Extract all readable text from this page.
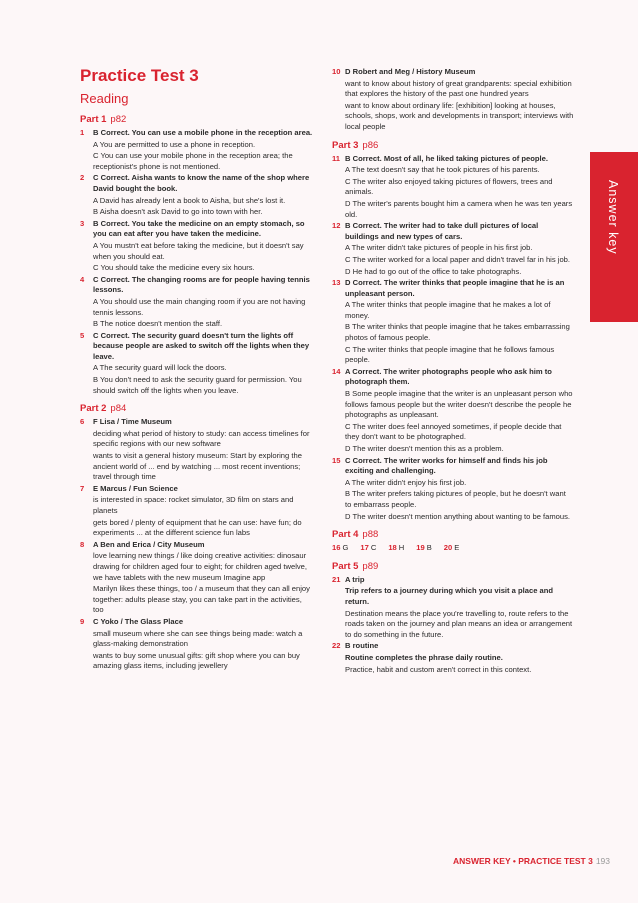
Practice Test 3
Reading
Part 1 p82
1 B Correct. You can use a mobile phone in the reception area.

A You are permitted to use a phone in reception.

C You can use your mobile phone in the reception area; the receptionist's phone is not mentioned.

2 C Correct. Aisha wants to know the name of the shop where David bought the book.

A David has already lent a book to Aisha, but she's lost it.

B Aisha doesn't ask David to go into town with her.

3 B Correct. You take the medicine on an empty stomach, so you can eat after you have taken the medicine.

A You mustn't eat before taking the medicine, but it doesn't say when you should eat.

C You should take the medicine every six hours.

4 C Correct. The changing rooms are for people having tennis lessons.

A You should use the main changing room if you are not having tennis lessons.

B The notice doesn't mention the staff.

5 C Correct. The security guard doesn't turn the lights off because people are asked to switch off the lights when they leave.

A The security guard will lock the doors.

B You don't need to ask the security guard for permission. You should switch off the lights when you leave.

Part 2 p84
6 F Lisa / Time Museum

deciding what period of history to study: can access timelines for specific regions with our new software

wants to visit a general history museum: Start by exploring the ancient world of ... end by watching ... most recent inventions; travel through time

7 E Marcus / Fun Science

is interested in space: rocket simulator, 3D film on stars and planets

gets bored / plenty of equipment that he can use: have fun; do experiments ... at the different science fun labs

8 A Ben and Erica / City Museum

love learning new things / like doing creative activities: dinosaur drawing for children aged four to eight; for children aged twelve, we have tablets with the new museum Imagine app

Marilyn likes these things, too / a museum that they can all enjoy together: adults please stay, you can take part in the activities, too

9 C Yoko / The Glass Place

small museum where she can see things being made: watch a glass-making demonstration

wants to buy some unusual gifts: gift shop where you can buy amazing glass items, including jewellery

10 D Robert and Meg / History Museum

want to know about history of great grandparents: special exhibition that explores the history of the past one hundred years

want to know about ordinary life: [exhibition] looking at houses, schools, shops, work and developments in transport; interviews with local people

Part 3 p86
11 B Correct. Most of all, he liked taking pictures of people.

A The text doesn't say that he took pictures of his parents.

C The writer also enjoyed taking pictures of flowers, trees and animals.

D The writer's parents bought him a camera when he was ten years old.

12 B Correct. The writer had to take dull pictures of local buildings and new types of cars.

A The writer didn't take pictures of people in his first job.

C The writer worked for a local paper and didn't travel far in his job.

D He had to go out of the office to take photographs.

13 D Correct. The writer thinks that people imagine that he is an unpleasant person.

A The writer thinks that people imagine that he makes a lot of money.

B The writer thinks that people imagine that he takes embarrassing photos of famous people.

C The writer thinks that people imagine that he follows famous people.

14 A Correct. The writer photographs people who ask him to photograph them.

B Some people imagine that the writer is an unpleasant person who follows famous people but the writer doesn't describe the people he photographs as unpleasant.

C The writer does feel annoyed sometimes, if people decide that they don't want to be photographed.

D The writer doesn't mention this as a problem.

15 C Correct. The writer works for himself and finds his job exciting and challenging.

A The writer didn't enjoy his first job.

B The writer prefers taking pictures of people, but he doesn't want to embarrass people.

D The writer doesn't mention anything about wanting to be famous.

Part 4 p88
16 G 17 C 18 H 19 B 20 E
Part 5 p89
21 A trip

Trip refers to a journey during which you visit a place and return.

Destination means the place you're travelling to, route refers to the roads taken on the journey and plan means an idea or arrangement to do something in the future.

22 B routine

Routine completes the phrase daily routine.

Practice, habit and custom aren't correct in this context.

Answer key
ANSWER KEY • PRACTICE TEST 3 193
